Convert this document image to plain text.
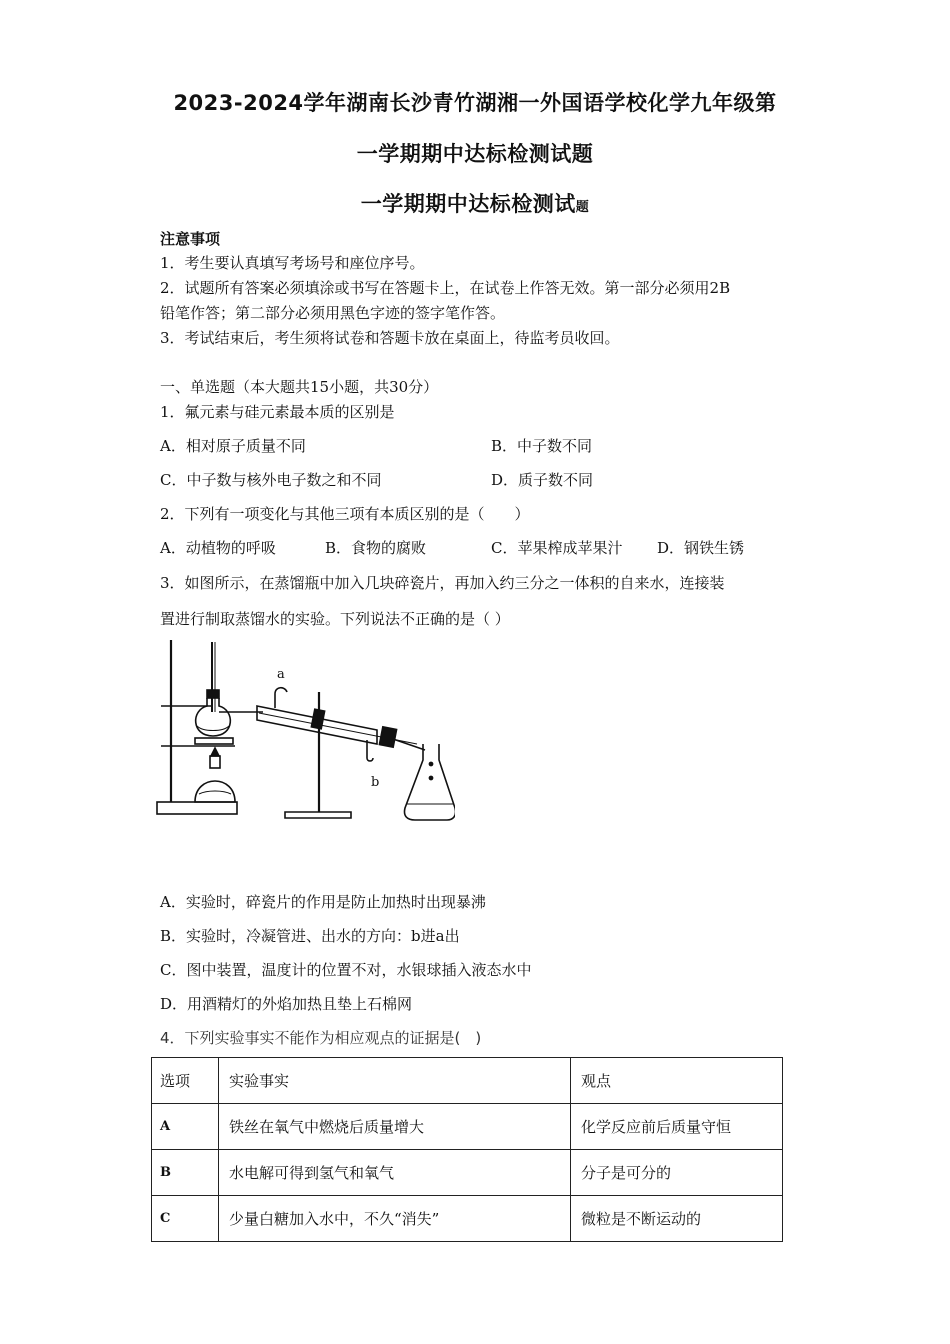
2023-2024学年湖南长沙青竹湖湘一外国语学校化学九年级第
一学期期中达标检测试题
一学期期中达标检测试题
注意事项
1．考生要认真填写考场号和座位序号。
2．试题所有答案必须填涂或书写在答题卡上，在试卷上作答无效。第一部分必须用2B
铅笔作答；第二部分必须用黑色字迹的签字笔作答。
3．考试结束后，考生须将试卷和答题卡放在桌面上，待监考员收回。
一、单选题（本大题共15小题，共30分）
1．氟元素与硅元素最本质的区别是
A．相对原子质量不同	B．中子数不同
C．中子数与核外电子数之和不同	D．质子数不同
2．下列有一项变化与其他三项有本质区别的是（　　）
A．动植物的呼吸	B．食物的腐败	C．苹果榨成苹果汁 D．钢铁生锈
3．如图所示，在蒸馏瓶中加入几块碎瓷片，再加入约三分之一体积的自来水，连接装
置进行制取蒸馏水的实验。下列说法不正确的是（ ）
a
b
A．实验时，碎瓷片的作用是防止加热时出现暴沸
B．实验时，冷凝管进、出水的方向：b进a出
C．图中装置，温度计的位置不对，水银球插入液态水中
D．用酒精灯的外焰加热且垫上石棉网
4．下列实验事实不能作为相应观点的证据是(　)
选项	实验事实	观点
A	铁丝在氧气中燃烧后质量增大	化学反应前后质量守恒
B	水电解可得到氢气和氧气	分子是可分的
C	少量白糖加入水中，不久“消失”	微粒是不断运动的
